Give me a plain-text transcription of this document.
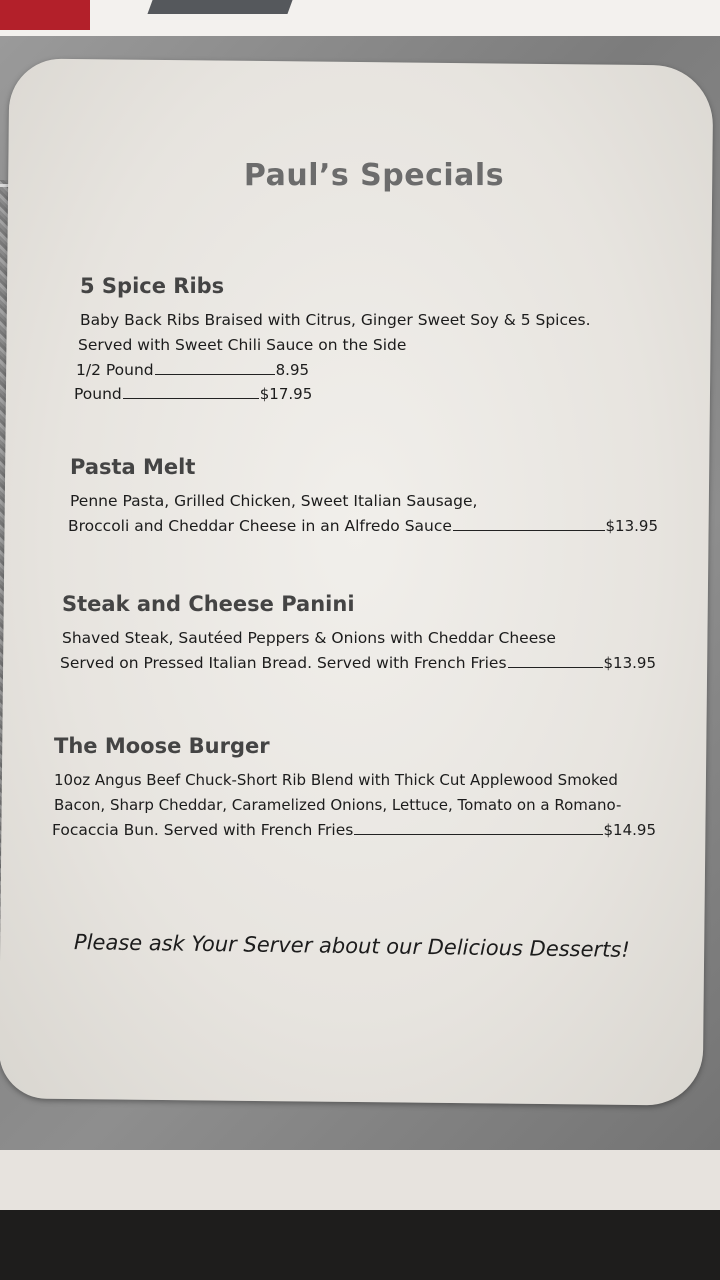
Paul’s Specials

5 Spice Ribs

Baby Back Ribs Braised with Citrus, Ginger Sweet Soy & 5 Spices.

Served with Sweet Chili Sauce on the Side

1/2 Pound	8.95
Pound	$17.95

Pasta Melt

Penne Pasta, Grilled Chicken, Sweet Italian Sausage,

Broccoli and Cheddar Cheese in an Alfredo Sauce	$13.95

Steak and Cheese Panini

Shaved Steak, Sautéed Peppers & Onions with Cheddar Cheese

Served on Pressed Italian Bread. Served with French Fries	$13.95

The Moose Burger

10oz Angus Beef Chuck-Short Rib Blend with Thick Cut Applewood Smoked

Bacon, Sharp Cheddar, Caramelized Onions, Lettuce, Tomato on a Romano-

Focaccia Bun. Served with French Fries	$14.95
Please ask Your Server about our Delicious Desserts!
